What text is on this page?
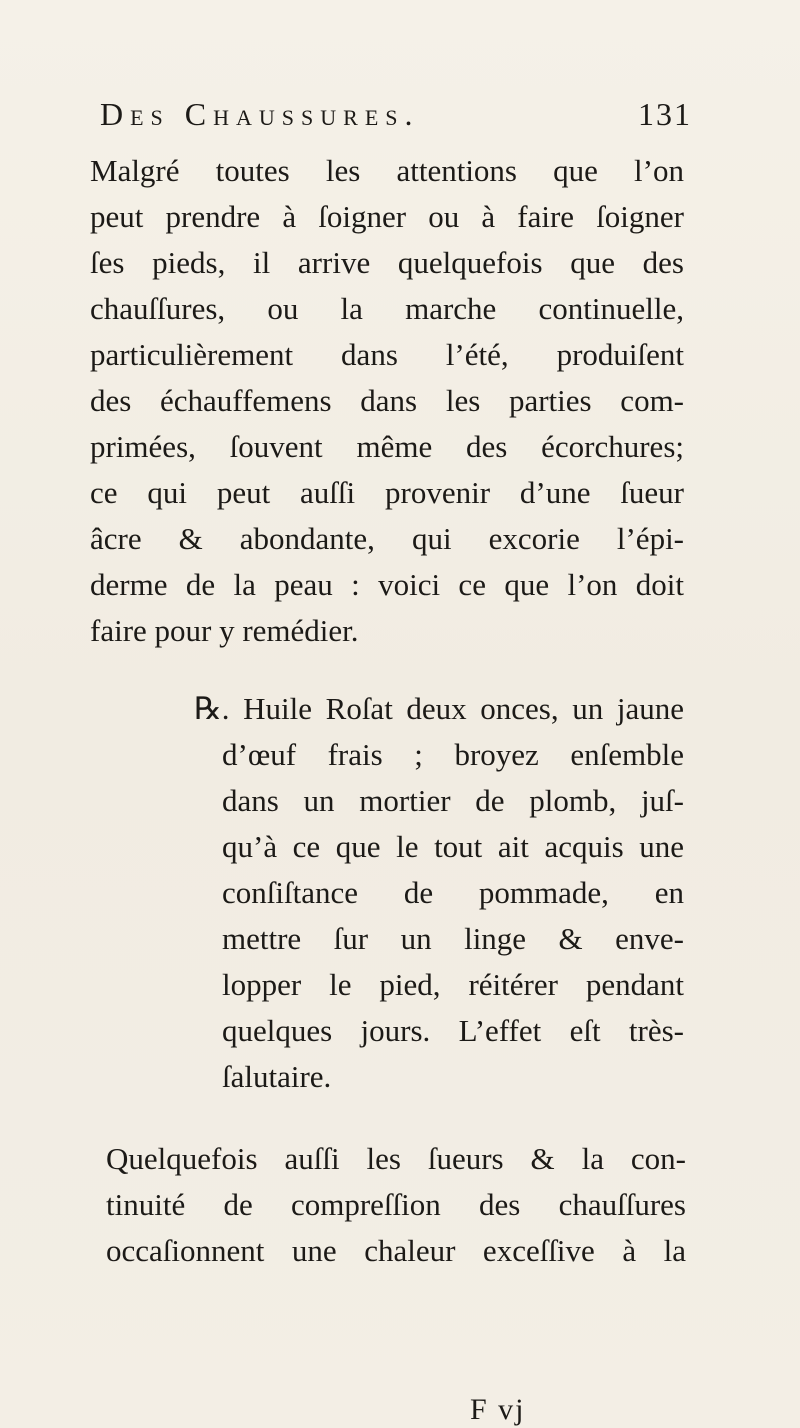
Des Chaussures.	131
Malgré toutes les attentions que l’on
peut prendre à ſoigner ou à faire ſoigner
ſes pieds, il arrive quelquefois que des
chauſſures, ou la marche continuelle,
particulièrement dans l’été, produiſent
des échauffemens dans les parties com-
primées, ſouvent même des écorchures;
ce qui peut auſſi provenir d’une ſueur
âcre & abondante, qui excorie l’épi-
derme de la peau : voici ce que l’on doit
faire pour y remédier.
℞. Huile Roſat deux onces, un jaune
d’œuf frais ; broyez enſemble
dans un mortier de plomb, juſ-
qu’à ce que le tout ait acquis une
conſiſtance de pommade, en
mettre ſur un linge & enve-
lopper le pied, réitérer pendant
quelques jours. L’effet eſt très-
ſalutaire.
Quelquefois auſſi les ſueurs & la con-
tinuité de compreſſion des chauſſures
occaſionnent une chaleur exceſſive à la
F vj
